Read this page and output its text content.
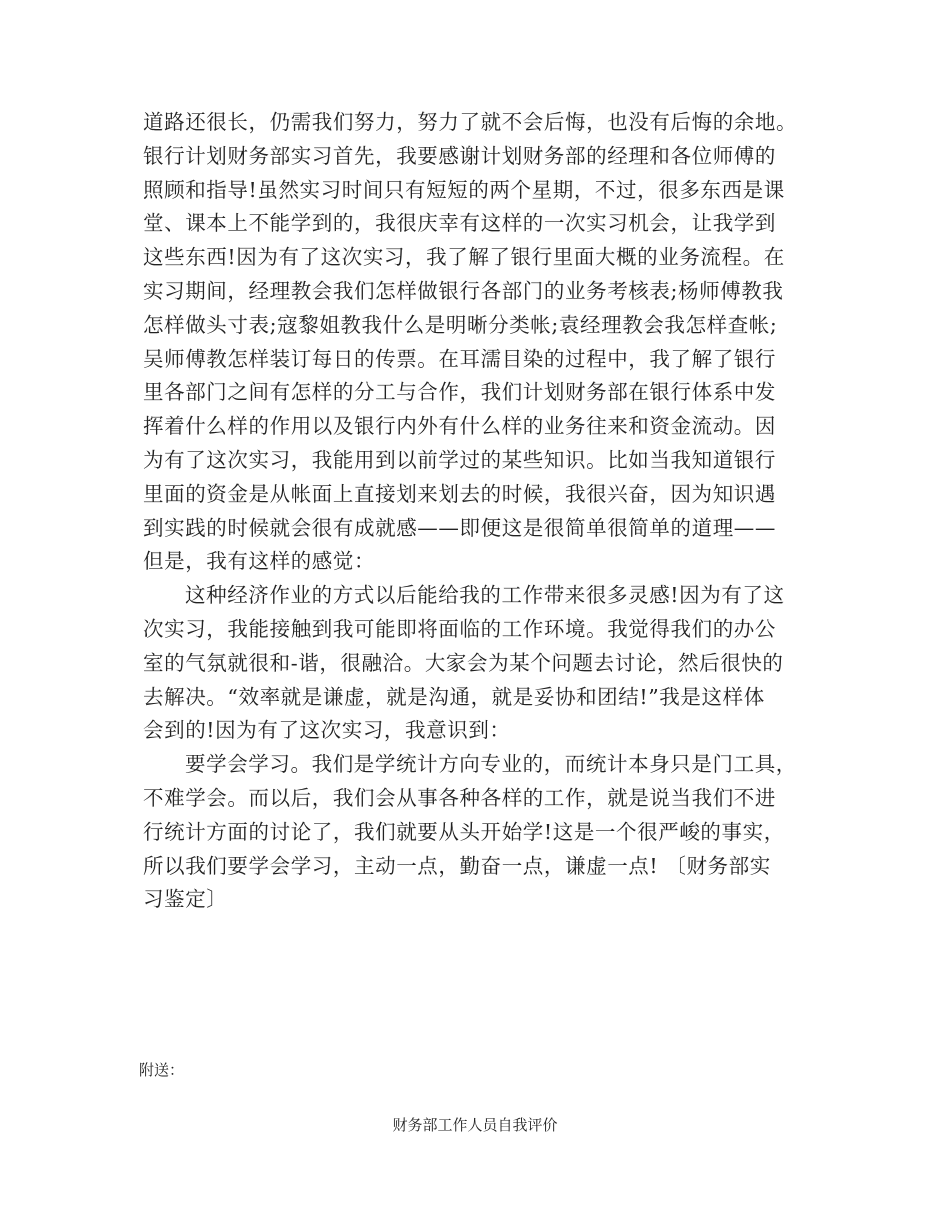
道路还很长，仍需我们努力，努力了就不会后悔，也没有后悔的余地。

银行计划财务部实习首先，我要感谢计划财务部的经理和各位师傅的

照顾和指导!虽然实习时间只有短短的两个星期，不过，很多东西是课

堂、课本上不能学到的，我很庆幸有这样的一次实习机会，让我学到

这些东西!因为有了这次实习，我了解了银行里面大概的业务流程。在

实习期间，经理教会我们怎样做银行各部门的业务考核表;杨师傅教我

怎样做头寸表;寇黎姐教我什么是明晰分类帐;袁经理教会我怎样查帐;

吴师傅教怎样装订每日的传票。在耳濡目染的过程中，我了解了银行

里各部门之间有怎样的分工与合作，我们计划财务部在银行体系中发

挥着什么样的作用以及银行内外有什么样的业务往来和资金流动。因

为有了这次实习，我能用到以前学过的某些知识。比如当我知道银行

里面的资金是从帐面上直接划来划去的时候，我很兴奋，因为知识遇

到实践的时候就会很有成就感——即便这是很简单很简单的道理——

但是，我有这样的感觉：

这种经济作业的方式以后能给我的工作带来很多灵感!因为有了这

次实习，我能接触到我可能即将面临的工作环境。我觉得我们的办公

室的气氛就很和-谐，很融洽。大家会为某个问题去讨论，然后很快的

去解决。“效率就是谦虚，就是沟通，就是妥协和团结!”我是这样体

会到的!因为有了这次实习，我意识到：

要学会学习。我们是学统计方向专业的，而统计本身只是门工具，

不难学会。而以后，我们会从事各种各样的工作，就是说当我们不进

行统计方面的讨论了，我们就要从头开始学!这是一个很严峻的事实，

所以我们要学会学习，主动一点，勤奋一点，谦虚一点! 〔财务部实

习鉴定〕

附送：
财务部工作人员自我评价
